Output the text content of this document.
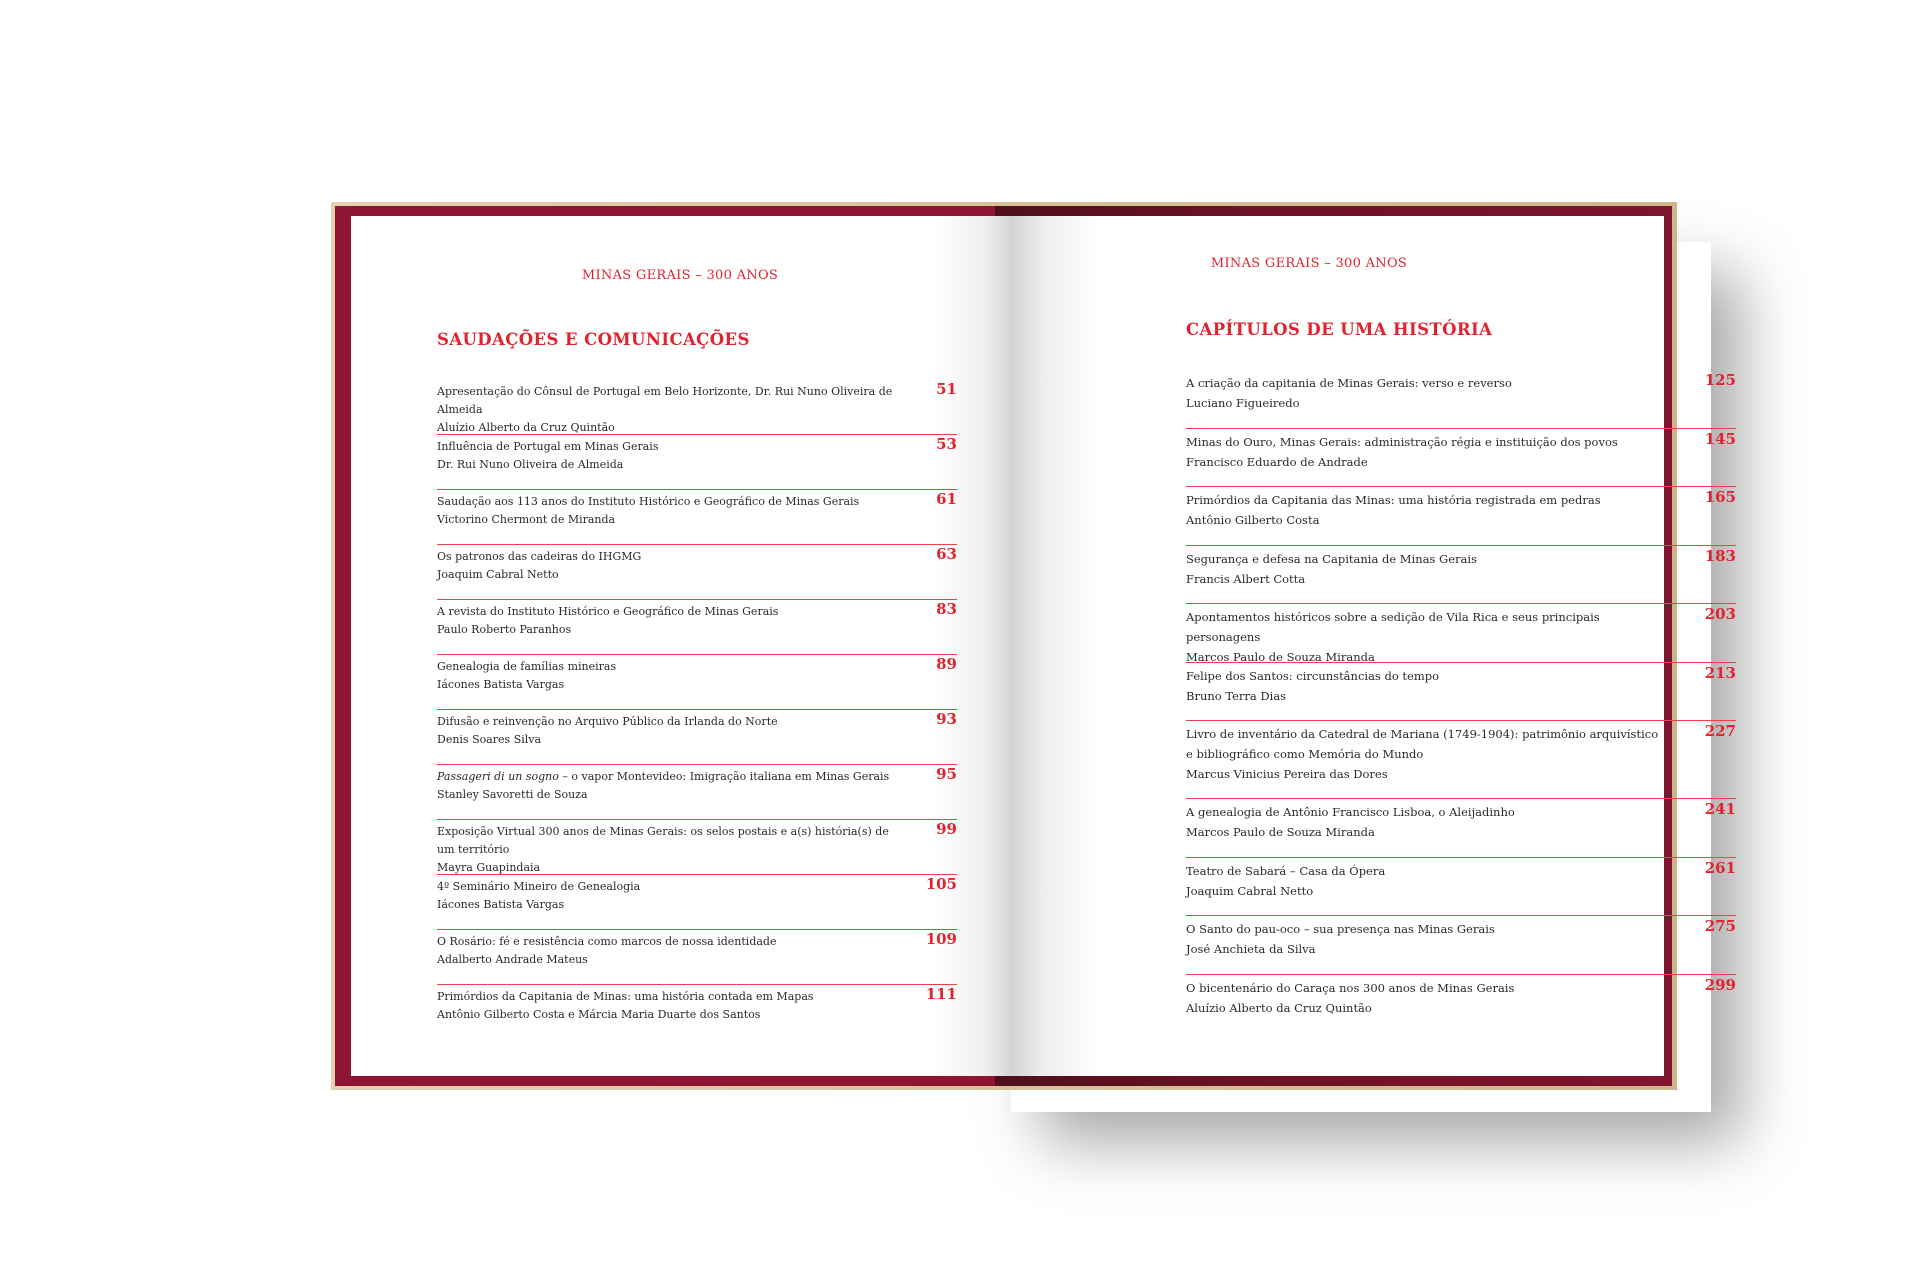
MINAS GERAIS – 300 ANOS
SAUDAÇÕES E COMUNICAÇÕES
Apresentação do Cônsul de Portugal em Belo Horizonte, Dr. Rui Nuno Oliveira de Almeida
Aluízio Alberto da Cruz Quintão
51
Influência de Portugal em Minas Gerais
Dr. Rui Nuno Oliveira de Almeida
53
Saudação aos 113 anos do Instituto Histórico e Geográfico de Minas Gerais
Victorino Chermont de Miranda
61
Os patronos das cadeiras do IHGMG
Joaquim Cabral Netto
63
A revista do Instituto Histórico e Geográfico de Minas Gerais
Paulo Roberto Paranhos
83
Genealogia de famílias mineiras
Iácones Batista Vargas
89
Difusão e reinvenção no Arquivo Público da Irlanda do Norte
Denis Soares Silva
93
Passageri di un sogno – o vapor Montevideo: Imigração italiana em Minas Gerais
Stanley Savoretti de Souza
95
Exposição Virtual 300 anos de Minas Gerais: os selos postais e a(s) história(s) de um território
Mayra Guapindaia
99
4º Seminário Mineiro de Genealogia
Iácones Batista Vargas
105
O Rosário: fé e resistência como marcos de nossa identidade
Adalberto Andrade Mateus
109
Primórdios da Capitania de Minas: uma história contada em Mapas
Antônio Gilberto Costa e Márcia Maria Duarte dos Santos
111
MINAS GERAIS – 300 ANOS
CAPÍTULOS DE UMA HISTÓRIA
A criação da capitania de Minas Gerais: verso e reverso
Luciano Figueiredo
125
Minas do Ouro, Minas Gerais: administração régia e instituição dos povos
Francisco Eduardo de Andrade
145
Primórdios da Capitania das Minas: uma história registrada em pedras
Antônio Gilberto Costa
165
Segurança e defesa na Capitania de Minas Gerais
Francis Albert Cotta
183
Apontamentos históricos sobre a sedição de Vila Rica e seus principais personagens
Marcos Paulo de Souza Miranda
203
Felipe dos Santos: circunstâncias do tempo
Bruno Terra Dias
213
Livro de inventário da Catedral de Mariana (1749-1904): patrimônio arquivístico
e bibliográfico como Memória do Mundo
Marcus Vinicius Pereira das Dores
227
A genealogia de Antônio Francisco Lisboa, o Aleijadinho
Marcos Paulo de Souza Miranda
241
Teatro de Sabará – Casa da Ópera
Joaquim Cabral Netto
261
O Santo do pau-oco – sua presença nas Minas Gerais
José Anchieta da Silva
275
O bicentenário do Caraça nos 300 anos de Minas Gerais
Aluízio Alberto da Cruz Quintão
299
